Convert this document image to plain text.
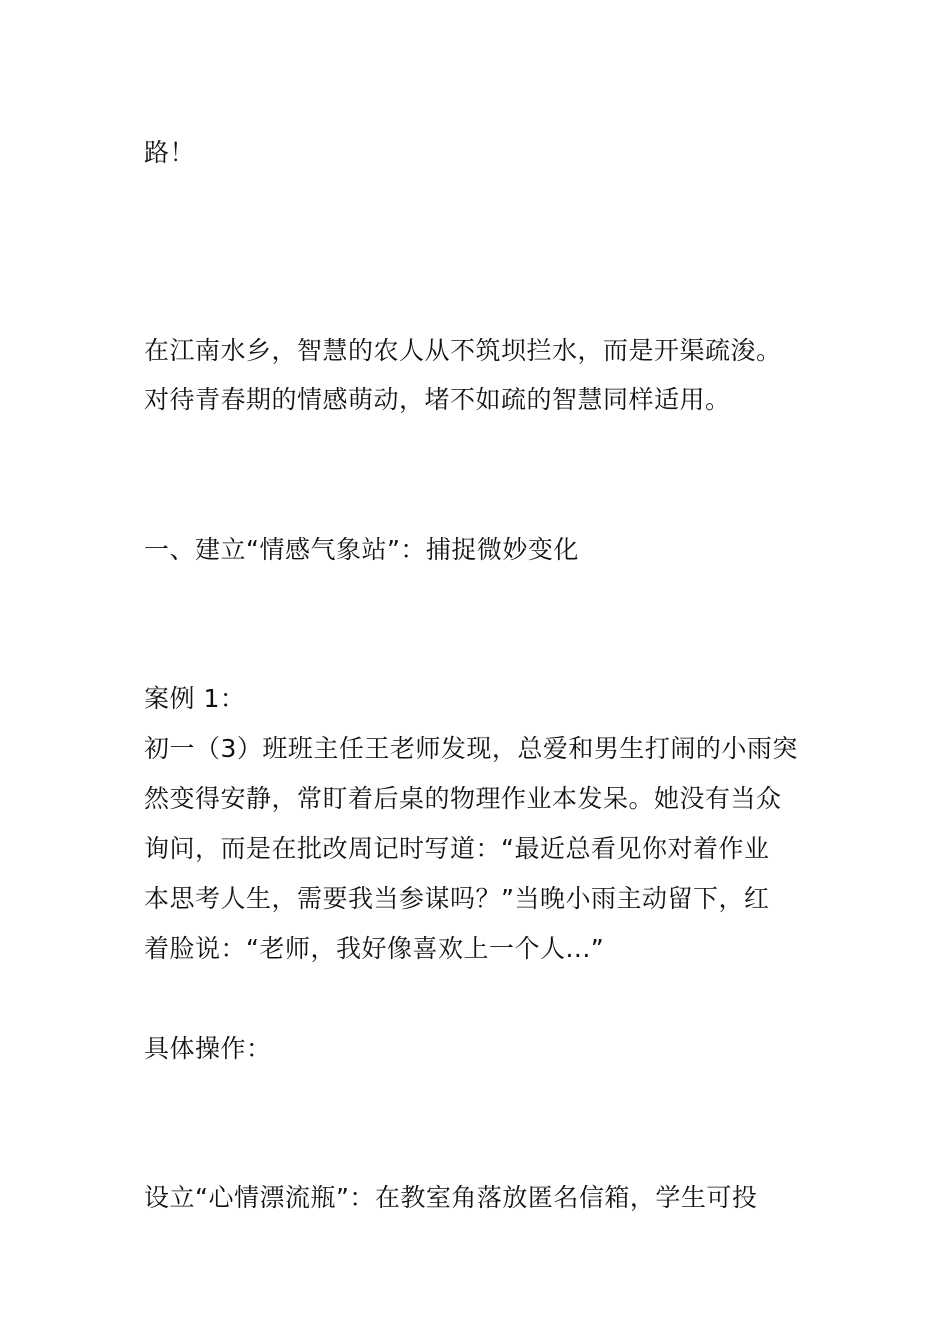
路！
在江南水乡，智慧的农人从不筑坝拦水，而是开渠疏浚。
对待青春期的情感萌动，堵不如疏的智慧同样适用。
一、建立“情感气象站”：捕捉微妙变化
案例 1：
初一（3）班班主任王老师发现，总爱和男生打闹的小雨突
然变得安静，常盯着后桌的物理作业本发呆。她没有当众
询问，而是在批改周记时写道：“最近总看见你对着作业
本思考人生，需要我当参谋吗？”当晚小雨主动留下，红
着脸说：“老师，我好像喜欢上一个人...”
具体操作：
设立“心情漂流瓶”：在教室角落放匿名信箱，学生可投
